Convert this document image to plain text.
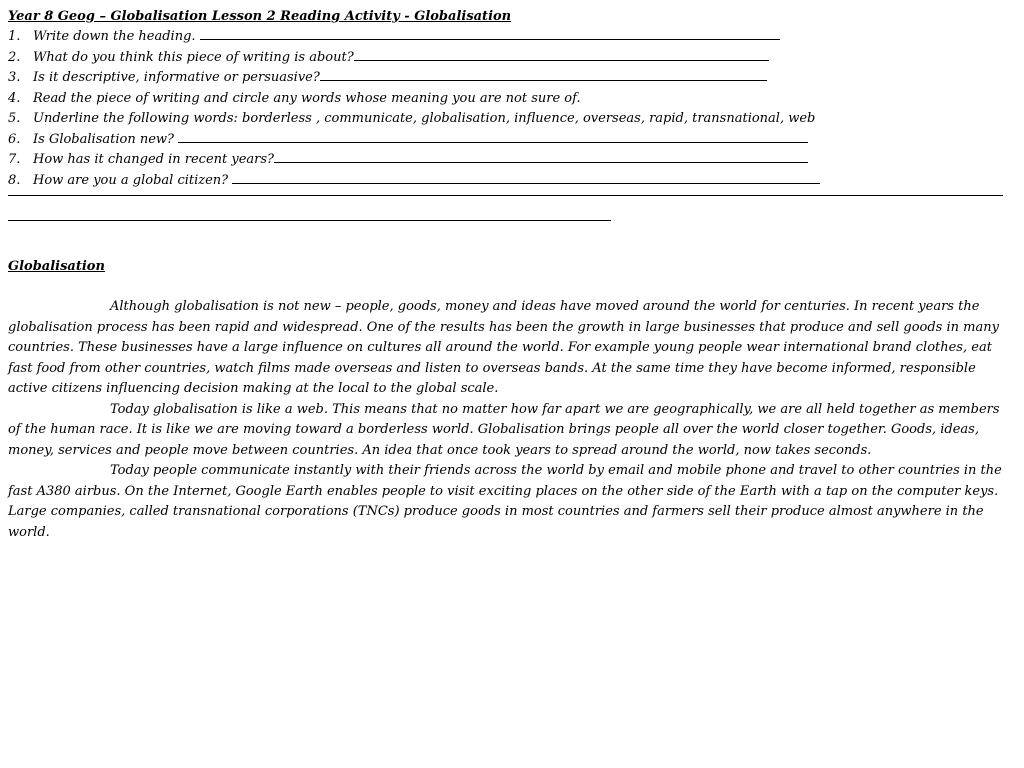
Year 8 Geog – Globalisation Lesson 2 Reading Activity - Globalisation
1. Write down the heading.
2. What do you think this piece of writing is about?
3. Is it descriptive, informative or persuasive?
4. Read the piece of writing and circle any words whose meaning you are not sure of.
5. Underline the following words: borderless , communicate, globalisation, influence, overseas, rapid, transnational, web
6. Is Globalisation new?
7. How has it changed in recent years?
8. How are you a global citizen?
Globalisation

Although globalisation is not new – people, goods, money and ideas have moved around the world for centuries. In recent years the globalisation process has been rapid and widespread. One of the results has been the growth in large businesses that produce and sell goods in many countries. These businesses have a large influence on cultures all around the world. For example young people wear international brand clothes, eat fast food from other countries, watch films made overseas and listen to overseas bands. At the same time they have become informed, responsible active citizens influencing decision making at the local to the global scale.

Today globalisation is like a web. This means that no matter how far apart we are geographically, we are all held together as members of the human race. It is like we are moving toward a borderless world. Globalisation brings people all over the world closer together. Goods, ideas, money, services and people move between countries. An idea that once took years to spread around the world, now takes seconds.

Today people communicate instantly with their friends across the world by email and mobile phone and travel to other countries in the fast A380 airbus. On the Internet, Google Earth enables people to visit exciting places on the other side of the Earth with a tap on the computer keys. Large companies, called transnational corporations (TNCs) produce goods in most countries and farmers sell their produce almost anywhere in the world.
